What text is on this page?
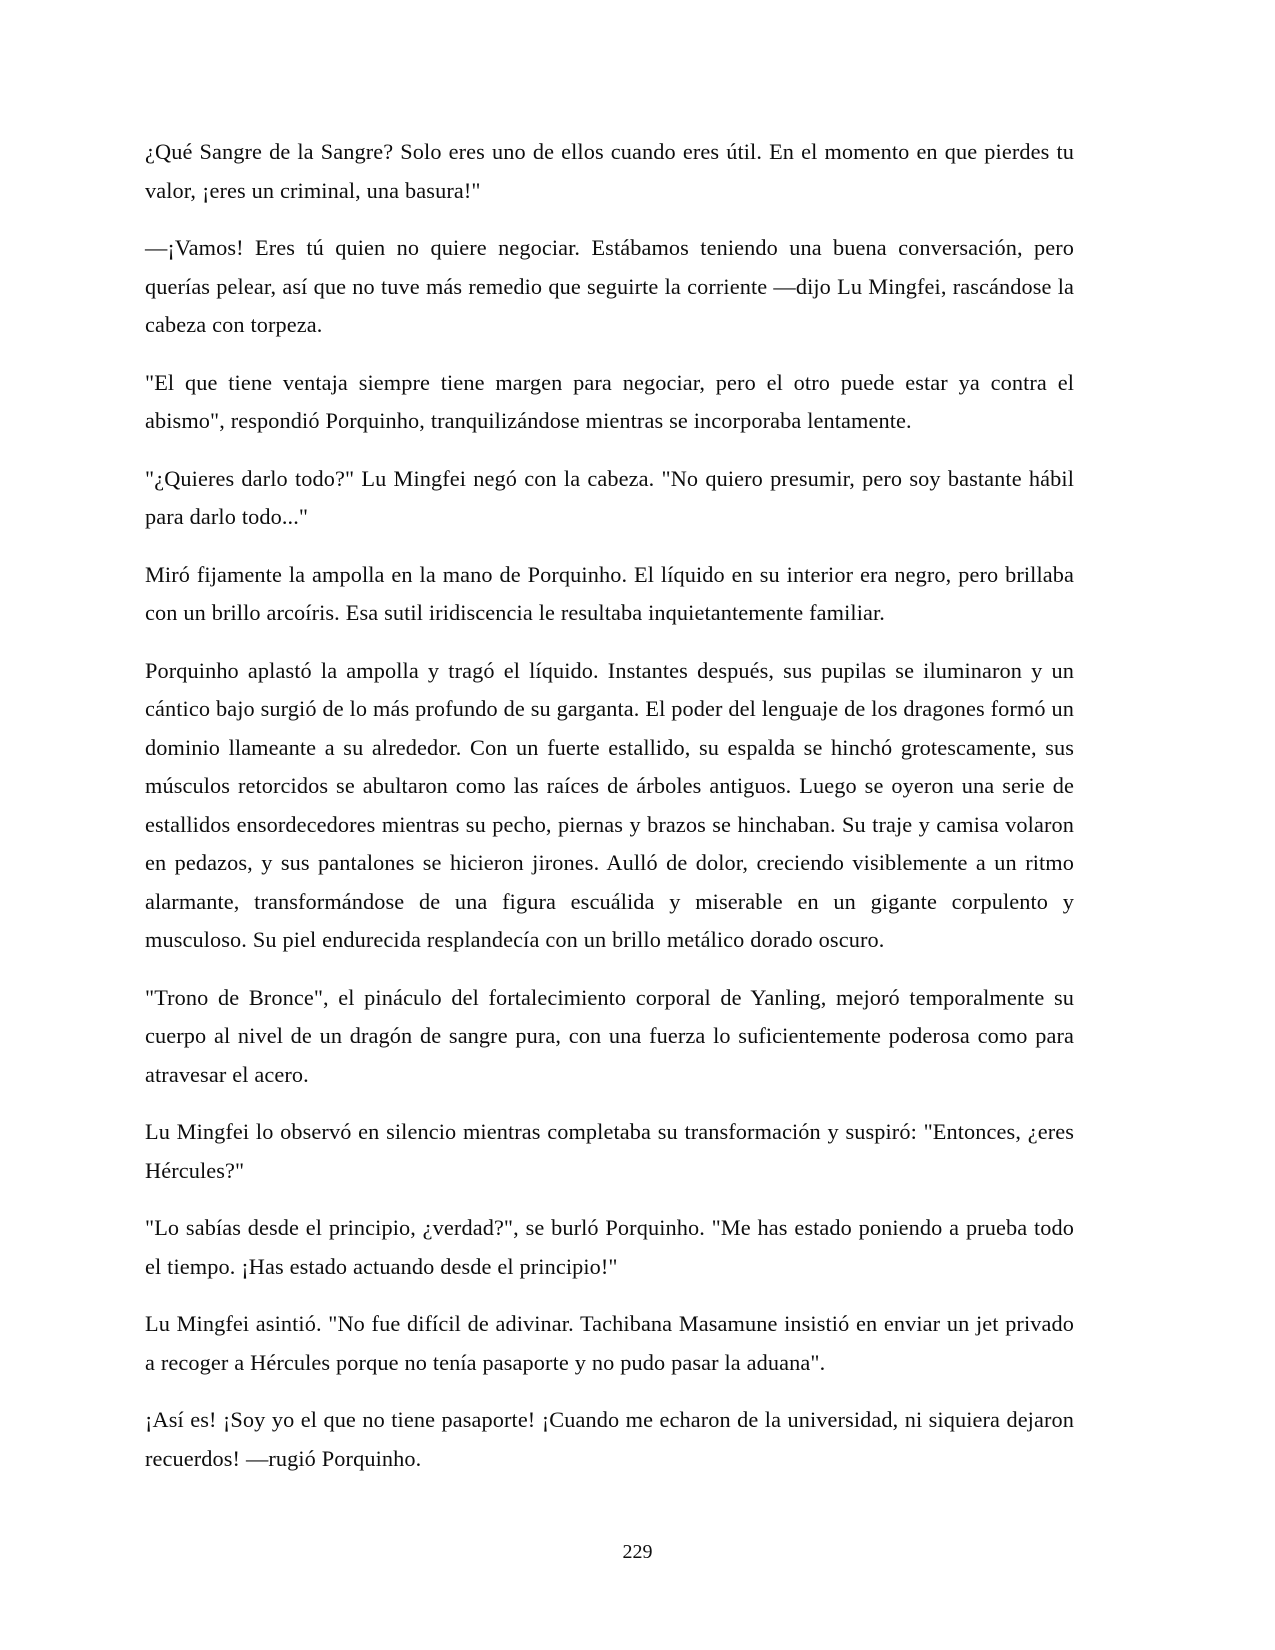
¿Qué Sangre de la Sangre? Solo eres uno de ellos cuando eres útil. En el momento en que pierdes tu valor, ¡eres un criminal, una basura!"

—¡Vamos! Eres tú quien no quiere negociar. Estábamos teniendo una buena conversación, pero querías pelear, así que no tuve más remedio que seguirte la corriente —dijo Lu Mingfei, rascándose la cabeza con torpeza.

"El que tiene ventaja siempre tiene margen para negociar, pero el otro puede estar ya contra el abismo", respondió Porquinho, tranquilizándose mientras se incorporaba lentamente.

"¿Quieres darlo todo?" Lu Mingfei negó con la cabeza. "No quiero presumir, pero soy bastante hábil para darlo todo..."

Miró fijamente la ampolla en la mano de Porquinho. El líquido en su interior era negro, pero brillaba con un brillo arcoíris. Esa sutil iridiscencia le resultaba inquietantemente familiar.

Porquinho aplastó la ampolla y tragó el líquido. Instantes después, sus pupilas se iluminaron y un cántico bajo surgió de lo más profundo de su garganta. El poder del lenguaje de los dragones formó un dominio llameante a su alrededor. Con un fuerte estallido, su espalda se hinchó grotescamente, sus músculos retorcidos se abultaron como las raíces de árboles antiguos. Luego se oyeron una serie de estallidos ensordecedores mientras su pecho, piernas y brazos se hinchaban. Su traje y camisa volaron en pedazos, y sus pantalones se hicieron jirones. Aulló de dolor, creciendo visiblemente a un ritmo alarmante, transformándose de una figura escuálida y miserable en un gigante corpulento y musculoso. Su piel endurecida resplandecía con un brillo metálico dorado oscuro.

"Trono de Bronce", el pináculo del fortalecimiento corporal de Yanling, mejoró temporalmente su cuerpo al nivel de un dragón de sangre pura, con una fuerza lo suficientemente poderosa como para atravesar el acero.

Lu Mingfei lo observó en silencio mientras completaba su transformación y suspiró: "Entonces, ¿eres Hércules?"

"Lo sabías desde el principio, ¿verdad?", se burló Porquinho. "Me has estado poniendo a prueba todo el tiempo. ¡Has estado actuando desde el principio!"

Lu Mingfei asintió. "No fue difícil de adivinar. Tachibana Masamune insistió en enviar un jet privado a recoger a Hércules porque no tenía pasaporte y no pudo pasar la aduana".

¡Así es! ¡Soy yo el que no tiene pasaporte! ¡Cuando me echaron de la universidad, ni siquiera dejaron recuerdos! —rugió Porquinho.

229
